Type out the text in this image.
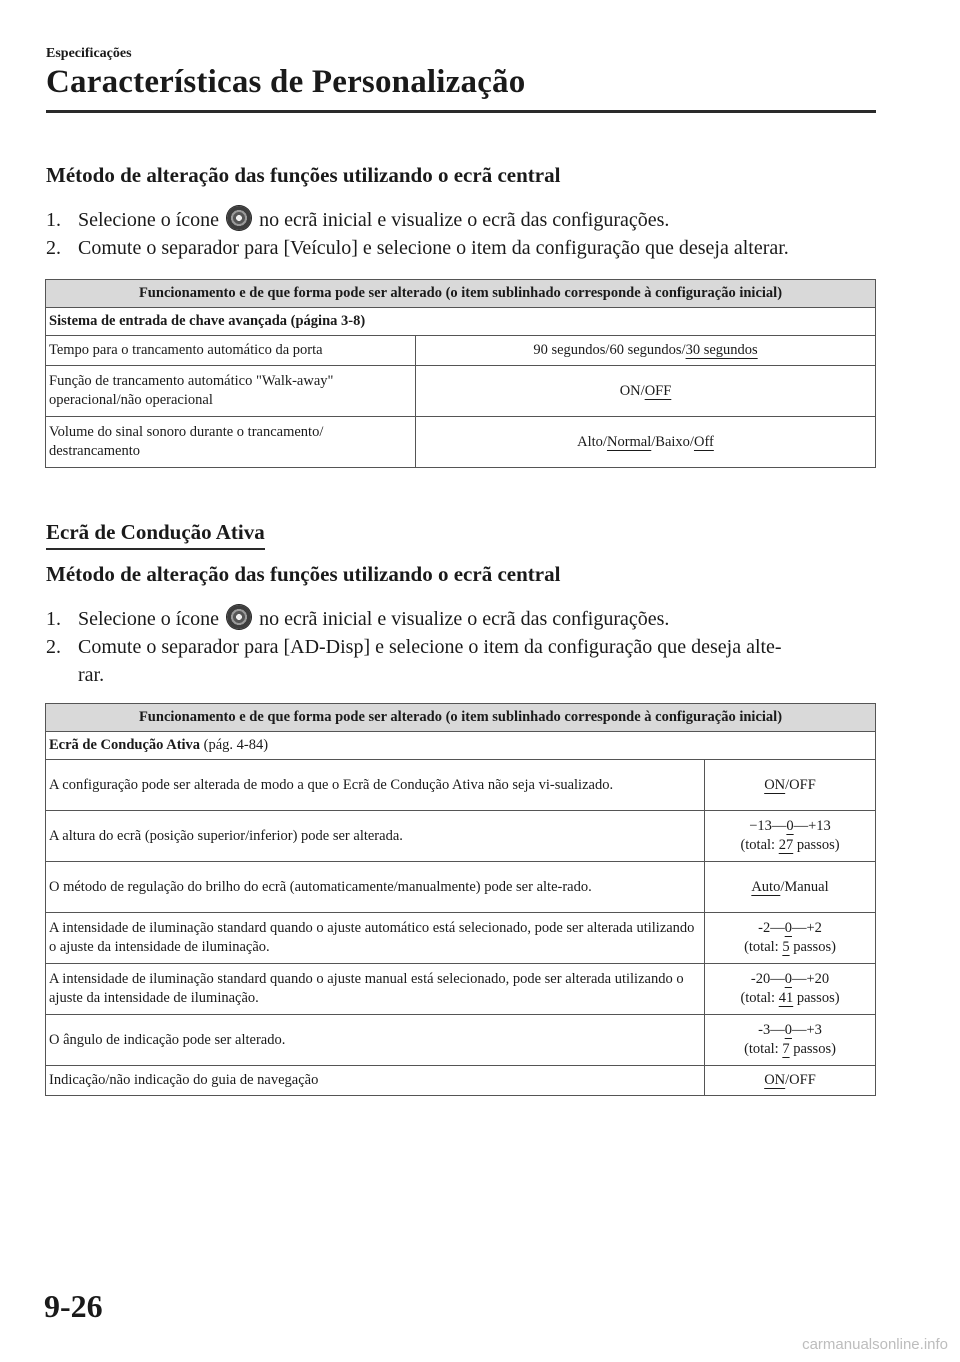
Especificações
Características de Personalização
Método de alteração das funções utilizando o ecrã central
1. Selecione o ícone no ecrã inicial e visualize o ecrã das configurações.
2. Comute o separador para [Veículo] e selecione o item da configuração que deseja alterar.
Funcionamento e de que forma pode ser alterado (o item sublinhado corresponde à configuração inicial)	
Sistema de entrada de chave avançada (página 3-8)	
Tempo para o trancamento automático da porta	90 segundos/60 segundos/30 segundos
Função de trancamento automático "Walk-away" operacional/não operacional	ON/OFF
Volume do sinal sonoro durante o trancamento/ destrancamento	Alto/Normal/Baixo/Off
Ecrã de Condução Ativa
Método de alteração das funções utilizando o ecrã central
1. Selecione o ícone no ecrã inicial e visualize o ecrã das configurações.
2. Comute o separador para [AD-Disp] e selecione o item da configuração que deseja alte-
rar.
Funcionamento e de que forma pode ser alterado (o item sublinhado corresponde à configuração inicial)	
Ecrã de Condução Ativa (pág. 4-84)	
A configuração pode ser alterada de modo a que o Ecrã de Condução Ativa não seja vi-sualizado.	ON/OFF
A altura do ecrã (posição superior/inferior) pode ser alterada.	−13—0—+13
(total: 27 passos)

O método de regulação do brilho do ecrã (automaticamente/manualmente) pode ser alte-rado.	Auto/Manual
A intensidade de iluminação standard quando o ajuste automático está selecionado, pode ser alterada utilizando o ajuste da intensidade de iluminação.	-2—0—+2
(total: 5 passos)

A intensidade de iluminação standard quando o ajuste manual está selecionado, pode ser alterada utilizando o ajuste da intensidade de iluminação.	-20—0—+20
(total: 41 passos)

O ângulo de indicação pode ser alterado.	-3—0—+3
(total: 7 passos)

Indicação/não indicação do guia de navegação	ON/OFF
9-26
carmanualsonline.info
